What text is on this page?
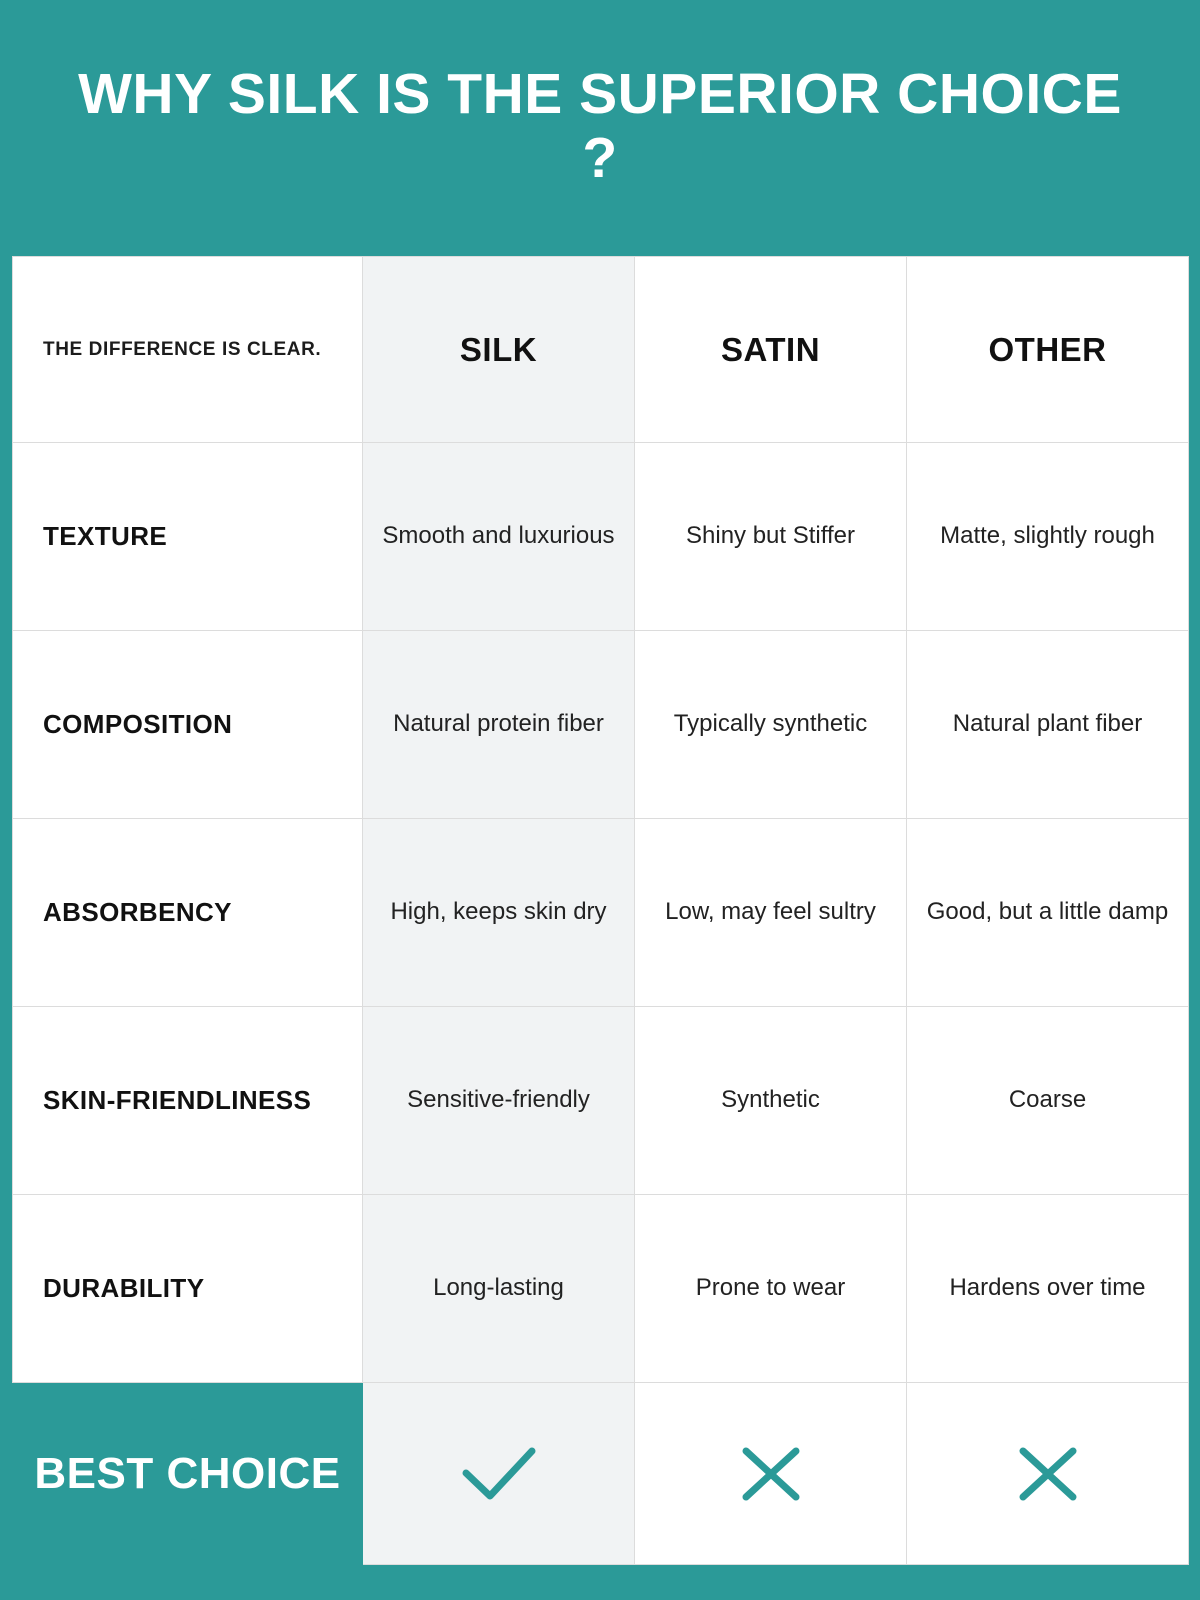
WHY SILK IS THE SUPERIOR CHOICE ?
THE DIFFERENCE IS CLEAR.	SILK	SATIN	OTHER
TEXTURE	Smooth and luxurious	Shiny but Stiffer	Matte, slightly rough
COMPOSITION	Natural protein fiber	Typically synthetic	Natural plant fiber
ABSORBENCY	High, keeps skin dry	Low, may feel sultry	Good, but a little damp
SKIN-FRIENDLINESS	Sensitive-friendly	Synthetic	Coarse
DURABILITY	Long-lasting	Prone to wear	Hardens over time
BEST CHOICE			
